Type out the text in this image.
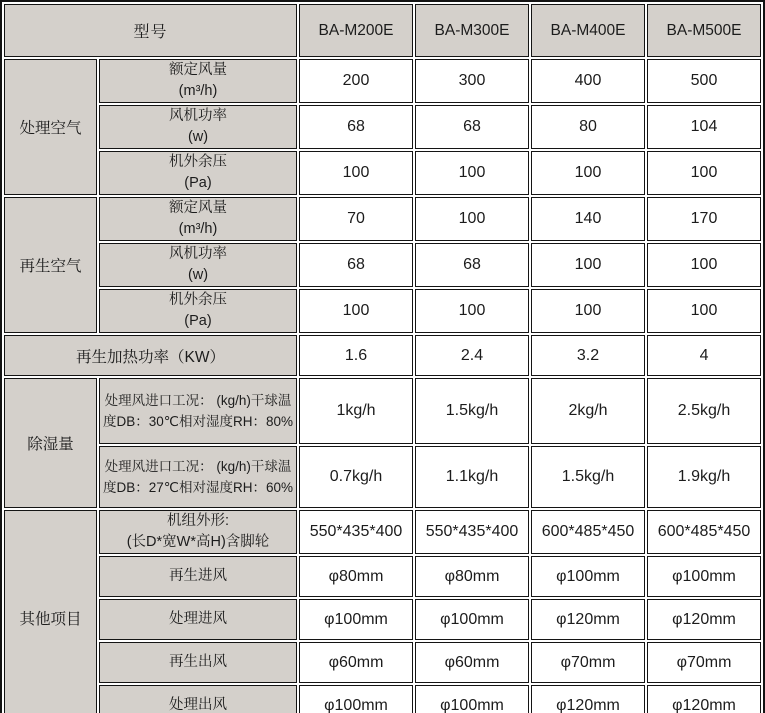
型号		BA-M200E	BA-M300E	BA-M400E	BA-M500E
处理空气	额定风量
(m³/h)	200	300	400	500

	风机功率
(w)	68	68	80	104

	机外余压
(Pa)	100	100	100	100
再生空气	额定风量
(m³/h)	70	100	140	170

	风机功率
(w)	68	68	100	100

	机外余压
(Pa)	100	100	100	100
再生加热功率（KW）		1.6	2.4	3.2	4
除湿量	处理风进口工况： (kg/h)干球温度DB：30℃相对湿度RH：80%	1kg/h	1.5kg/h	2kg/h	2.5kg/h
	处理风进口工况： (kg/h)干球温度DB：27℃相对湿度RH：60%	0.7kg/h	1.1kg/h	1.5kg/h	1.9kg/h
其他项目	机组外形:
(长D*宽W*高H)含脚轮	550*435*400	550*435*400	600*485*450	600*485*450

	再生进风	φ80mm	φ80mm	φ100mm	φ100mm

	处理进风	φ100mm	φ100mm	φ120mm	φ120mm

	再生出风	φ60mm	φ60mm	φ70mm	φ70mm

	处理出风	φ100mm	φ100mm	φ120mm	φ120mm
